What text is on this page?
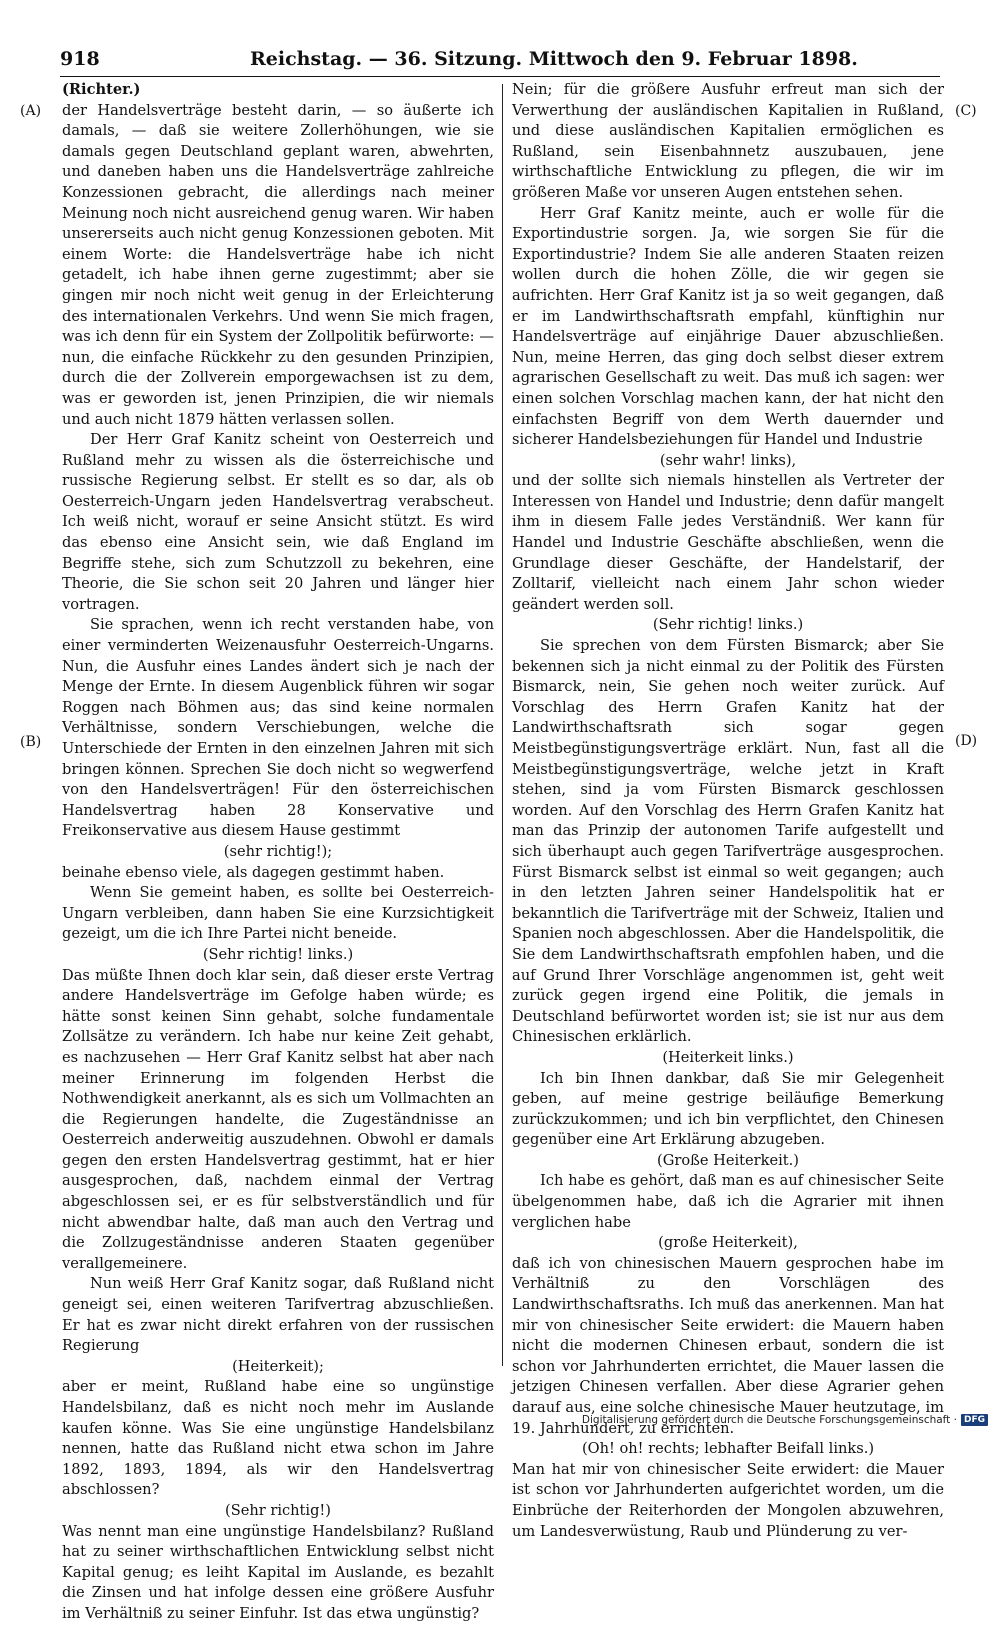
918	Reichstag. — 36. Sitzung. Mittwoch den 9. Februar 1898.
(A)
(B)
(C)
(D)

(Richter.)

der Handelsverträge besteht darin, — so äußerte ich damals, — daß sie weitere Zollerhöhungen, wie sie damals gegen Deutschland geplant waren, abwehrten, und daneben haben uns die Handelsverträge zahlreiche Konzessionen gebracht, die allerdings nach meiner Meinung noch nicht ausreichend genug waren. Wir haben unsererseits auch nicht genug Konzessionen geboten. Mit einem Worte: die Handelsverträge habe ich nicht getadelt, ich habe ihnen gerne zugestimmt; aber sie gingen mir noch nicht weit genug in der Erleichterung des internationalen Verkehrs. Und wenn Sie mich fragen, was ich denn für ein System der Zollpolitik befürworte: — nun, die einfache Rückkehr zu den gesunden Prinzipien, durch die der Zollverein emporgewachsen ist zu dem, was er geworden ist, jenen Prinzipien, die wir niemals und auch nicht 1879 hätten verlassen sollen.

Der Herr Graf Kanitz scheint von Oesterreich und Rußland mehr zu wissen als die österreichische und russische Regierung selbst. Er stellt es so dar, als ob Oesterreich-Ungarn jeden Handelsvertrag verabscheut. Ich weiß nicht, worauf er seine Ansicht stützt. Es wird das ebenso eine Ansicht sein, wie daß England im Begriffe stehe, sich zum Schutzzoll zu bekehren, eine Theorie, die Sie schon seit 20 Jahren und länger hier vortragen.

Sie sprachen, wenn ich recht verstanden habe, von einer verminderten Weizenausfuhr Oesterreich-Ungarns. Nun, die Ausfuhr eines Landes ändert sich je nach der Menge der Ernte. In diesem Augenblick führen wir sogar Roggen nach Böhmen aus; das sind keine normalen Verhältnisse, sondern Verschiebungen, welche die Unterschiede der Ernten in den einzelnen Jahren mit sich bringen können. Sprechen Sie doch nicht so wegwerfend von den Handelsverträgen! Für den österreichischen Handelsvertrag haben 28 Konservative und Freikonservative aus diesem Hause gestimmt

(sehr richtig!);

beinahe ebenso viele, als dagegen gestimmt haben.

Wenn Sie gemeint haben, es sollte bei Oesterreich-Ungarn verbleiben, dann haben Sie eine Kurzsichtigkeit gezeigt, um die ich Ihre Partei nicht beneide.

(Sehr richtig! links.)

Das müßte Ihnen doch klar sein, daß dieser erste Vertrag andere Handelsverträge im Gefolge haben würde; es hätte sonst keinen Sinn gehabt, solche fundamentale Zollsätze zu verändern. Ich habe nur keine Zeit gehabt, es nachzusehen — Herr Graf Kanitz selbst hat aber nach meiner Erinnerung im folgenden Herbst die Nothwendigkeit anerkannt, als es sich um Vollmachten an die Regierungen handelte, die Zugeständnisse an Oesterreich anderweitig auszudehnen. Obwohl er damals gegen den ersten Handelsvertrag gestimmt, hat er hier ausgesprochen, daß, nachdem einmal der Vertrag abgeschlossen sei, er es für selbstverständlich und für nicht abwendbar halte, daß man auch den Vertrag und die Zollzugeständnisse anderen Staaten gegenüber verallgemeinere.

Nun weiß Herr Graf Kanitz sogar, daß Rußland nicht geneigt sei, einen weiteren Tarifvertrag abzuschließen. Er hat es zwar nicht direkt erfahren von der russischen Regierung

(Heiterkeit);

aber er meint, Rußland habe eine so ungünstige Handelsbilanz, daß es nicht noch mehr im Auslande kaufen könne. Was Sie eine ungünstige Handelsbilanz nennen, hatte das Rußland nicht etwa schon im Jahre 1892, 1893, 1894, als wir den Handelsvertrag abschlossen?

(Sehr richtig!)

Was nennt man eine ungünstige Handelsbilanz? Rußland hat zu seiner wirthschaftlichen Entwicklung selbst nicht Kapital genug; es leiht Kapital im Auslande, es bezahlt die Zinsen und hat infolge dessen eine größere Ausfuhr im Verhältniß zu seiner Einfuhr. Ist das etwa ungünstig?

Nein; für die größere Ausfuhr erfreut man sich der Verwerthung der ausländischen Kapitalien in Rußland, und diese ausländischen Kapitalien ermöglichen es Rußland, sein Eisenbahnnetz auszubauen, jene wirthschaftliche Entwicklung zu pflegen, die wir im größeren Maße vor unseren Augen entstehen sehen.

Herr Graf Kanitz meinte, auch er wolle für die Exportindustrie sorgen. Ja, wie sorgen Sie für die Exportindustrie? Indem Sie alle anderen Staaten reizen wollen durch die hohen Zölle, die wir gegen sie aufrichten. Herr Graf Kanitz ist ja so weit gegangen, daß er im Landwirthschaftsrath empfahl, künftighin nur Handelsverträge auf einjährige Dauer abzuschließen. Nun, meine Herren, das ging doch selbst dieser extrem agrarischen Gesellschaft zu weit. Das muß ich sagen: wer einen solchen Vorschlag machen kann, der hat nicht den einfachsten Begriff von dem Werth dauernder und sicherer Handelsbeziehungen für Handel und Industrie

(sehr wahr! links),

und der sollte sich niemals hinstellen als Vertreter der Interessen von Handel und Industrie; denn dafür mangelt ihm in diesem Falle jedes Verständniß. Wer kann für Handel und Industrie Geschäfte abschließen, wenn die Grundlage dieser Geschäfte, der Handelstarif, der Zolltarif, vielleicht nach einem Jahr schon wieder geändert werden soll.

(Sehr richtig! links.)

Sie sprechen von dem Fürsten Bismarck; aber Sie bekennen sich ja nicht einmal zu der Politik des Fürsten Bismarck, nein, Sie gehen noch weiter zurück. Auf Vorschlag des Herrn Grafen Kanitz hat der Landwirthschaftsrath sich sogar gegen Meistbegünstigungsverträge erklärt. Nun, fast all die Meistbegünstigungsverträge, welche jetzt in Kraft stehen, sind ja vom Fürsten Bismarck geschlossen worden. Auf den Vorschlag des Herrn Grafen Kanitz hat man das Prinzip der autonomen Tarife aufgestellt und sich überhaupt auch gegen Tarifverträge ausgesprochen. Fürst Bismarck selbst ist einmal so weit gegangen; auch in den letzten Jahren seiner Handelspolitik hat er bekanntlich die Tarifverträge mit der Schweiz, Italien und Spanien noch abgeschlossen. Aber die Handelspolitik, die Sie dem Landwirthschaftsrath empfohlen haben, und die auf Grund Ihrer Vorschläge angenommen ist, geht weit zurück gegen irgend eine Politik, die jemals in Deutschland befürwortet worden ist; sie ist nur aus dem Chinesischen erklärlich.

(Heiterkeit links.)

Ich bin Ihnen dankbar, daß Sie mir Gelegenheit geben, auf meine gestrige beiläufige Bemerkung zurückzukommen; und ich bin verpflichtet, den Chinesen gegenüber eine Art Erklärung abzugeben.

(Große Heiterkeit.)

Ich habe es gehört, daß man es auf chinesischer Seite übelgenommen habe, daß ich die Agrarier mit ihnen verglichen habe

(große Heiterkeit),

daß ich von chinesischen Mauern gesprochen habe im Verhältniß zu den Vorschlägen des Landwirthschaftsraths. Ich muß das anerkennen. Man hat mir von chinesischer Seite erwidert: die Mauern haben nicht die modernen Chinesen erbaut, sondern die ist schon vor Jahrhunderten errichtet, die Mauer lassen die jetzigen Chinesen verfallen. Aber diese Agrarier gehen darauf aus, eine solche chinesische Mauer heutzutage, im 19. Jahrhundert, zu errichten.

(Oh! oh! rechts; lebhafter Beifall links.)

Man hat mir von chinesischer Seite erwidert: die Mauer ist schon vor Jahrhunderten aufgerichtet worden, um die Einbrüche der Reiterhorden der Mongolen abzuwehren, um Landesverwüstung, Raub und Plünderung zu ver-

Digitalisierung gefördert durch die Deutsche Forschungsgemeinschaft · DFG
